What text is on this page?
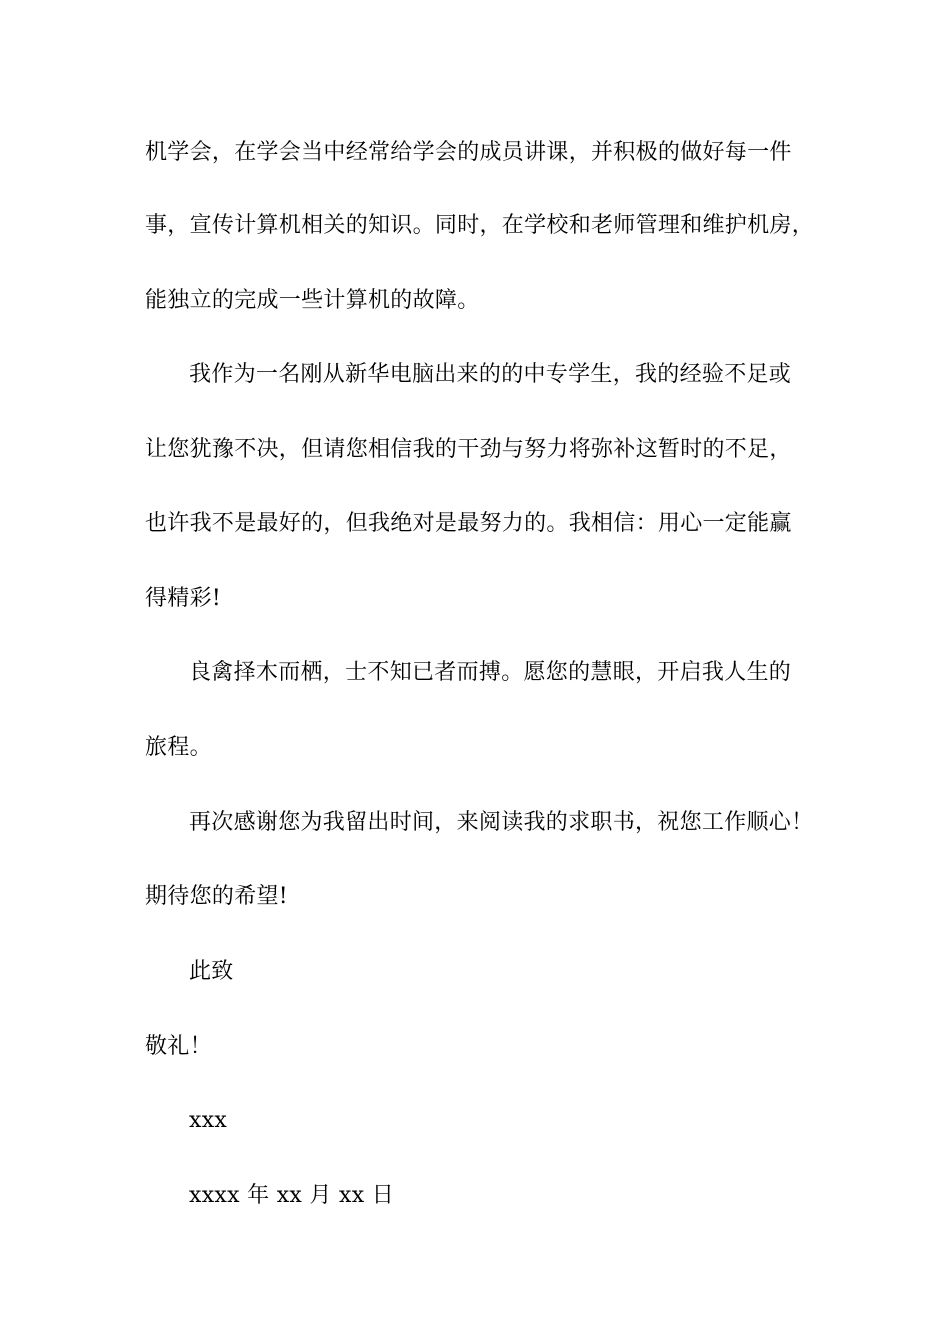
机学会，在学会当中经常给学会的成员讲课，并积极的做好每一件
事，宣传计算机相关的知识。同时，在学校和老师管理和维护机房，
能独立的完成一些计算机的故障。
我作为一名刚从新华电脑出来的的中专学生，我的经验不足或
让您犹豫不决，但请您相信我的干劲与努力将弥补这暂时的不足，
也许我不是最好的，但我绝对是最努力的。我相信：用心一定能赢
得精彩!
良禽择木而栖，士不知已者而搏。愿您的慧眼，开启我人生的
旅程。
再次感谢您为我留出时间，来阅读我的求职书，祝您工作顺心！
期待您的希望!
此致
敬礼！
xxx
xxxx 年 xx 月 xx 日
